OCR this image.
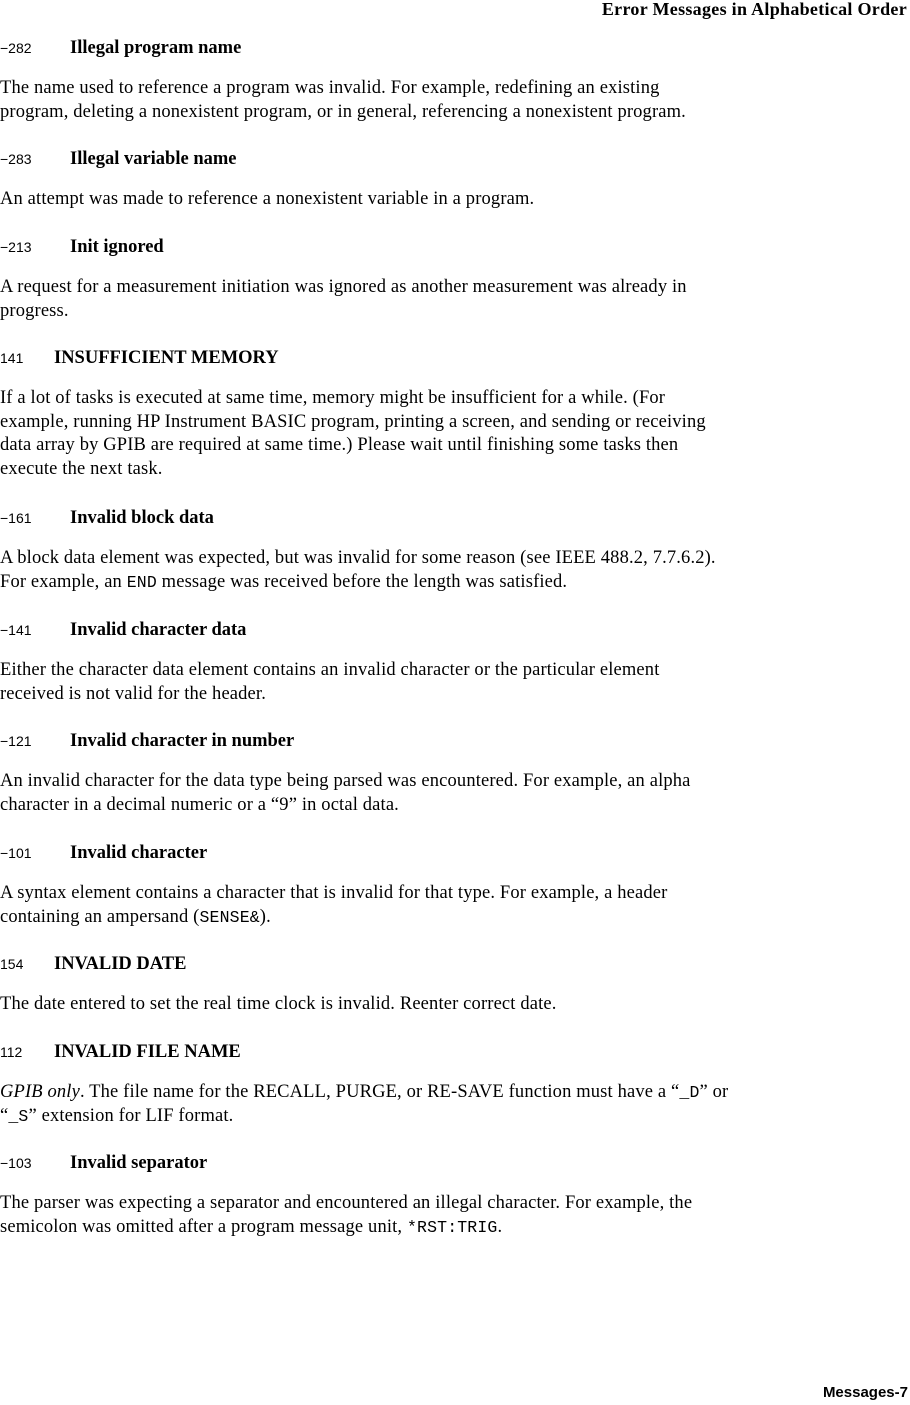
Error Messages in Alphabetical Order
−282 Illegal program name
The name used to reference a program was invalid. For example, redefining an existing
program, deleting a nonexistent program, or in general, referencing a nonexistent program.
−283 Illegal variable name
An attempt was made to reference a nonexistent variable in a program.
−213 Init ignored
A request for a measurement initiation was ignored as another measurement was already in
progress.
141 INSUFFICIENT MEMORY
If a lot of tasks is executed at same time, memory might be insufficient for a while. (For
example, running HP Instrument BASIC program, printing a screen, and sending or receiving
data array by GPIB are required at same time.) Please wait until finishing some tasks then
execute the next task.
−161 Invalid block data
A block data element was expected, but was invalid for some reason (see IEEE 488.2, 7.7.6.2).
For example, an END message was received before the length was satisfied.
−141 Invalid character data
Either the character data element contains an invalid character or the particular element
received is not valid for the header.
−121 Invalid character in number
An invalid character for the data type being parsed was encountered. For example, an alpha
character in a decimal numeric or a “9” in octal data.
−101 Invalid character
A syntax element contains a character that is invalid for that type. For example, a header
containing an ampersand (SENSE&).
154 INVALID DATE
The date entered to set the real time clock is invalid. Reenter correct date.
112 INVALID FILE NAME
GPIB only. The file name for the RECALL, PURGE, or RE-SAVE function must have a “_D” or
“_S” extension for LIF format.
−103 Invalid separator
The parser was expecting a separator and encountered an illegal character. For example, the
semicolon was omitted after a program message unit, *RST:TRIG.
Messages-7
